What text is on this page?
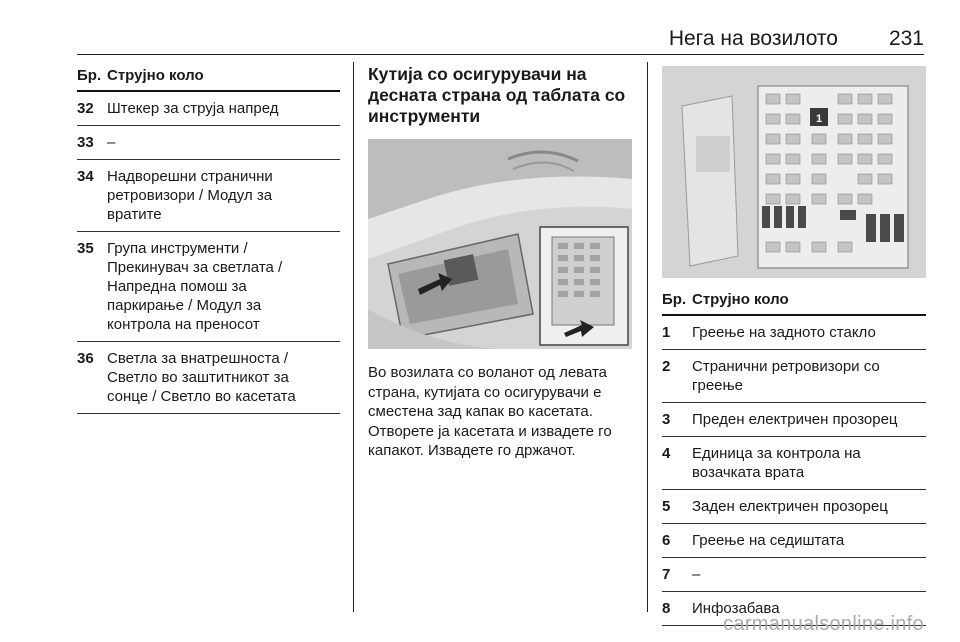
Нега на возилото 231
Бр. Струјно коло
32 Штекер за струја напред
33 –
34 Надворешни странични
ретровизори / Модул за
вратите
35 Група инструменти /
Прекинувач за светлата /
Напредна помош за
паркирање / Модул за
контрола на преносот
36 Светла за внатрешноста /
Светло во заштитникот за
сонце / Светло во касетата
Кутија со осигурувачи на
десната страна од таблата со
инструменти
Во возилата со воланот од левата
страна, кутијата со осигурувачи е
сместена зад капак во касетата.
Отворете ја касетата и извадете го
капакот. Извадете го држачот.
1
Бр. Струјно коло
1	Греење на задното стакло
2	Странични ретровизори со
греење
3	Преден електричен прозорец
4	Единица за контрола на
возачката врата
5	Заден електричен прозорец
6	Греење на седиштата
7	–
8	Инфозабава
carmanualsonline.info
